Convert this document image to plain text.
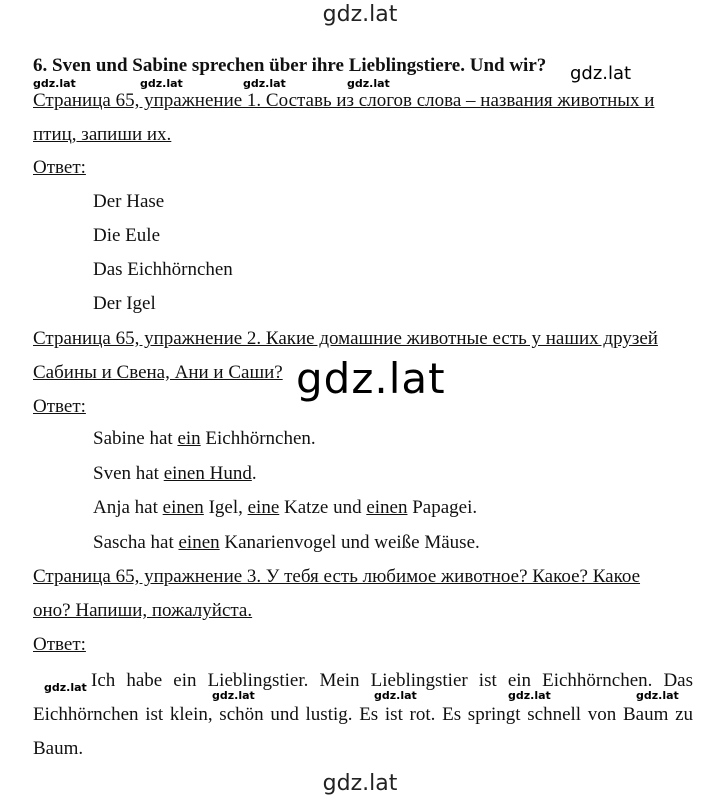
gdz.lat
gdz.lat
gdz.lat
6. Sven und Sabine sprechen über ihre Lieblingstiere. Und wir? gdz.lat
gdz.lat	gdz.lat	gdz.lat	gdz.lat
Страница 65, упражнение 1. Составь из слогов слова – названия животных и
птиц, запиши их.
Ответ:
Der Hase
Die Eule
Das Eichhörnchen
Der Igel
Страница 65, упражнение 2. Какие домашние животные есть у наших друзей
Сабины и Свена, Ани и Саши?
Ответ:
Sabine hat ein Eichhörnchen.
Sven hat einen Hund.
Anja hat einen Igel, eine Katze und einen Papagei.
Sascha hat einen Kanarienvogel und weiße Mäuse.
Страница 65, упражнение 3. У тебя есть любимое животное? Какое? Какое
оно? Напиши, пожалуйста.
Ответ:
Ich habe ein Lieblingstier. Mein Lieblingstier ist ein Eichhörnchen. Das Eichhörnchen ist klein, schön und lustig. Es ist rot. Es springt schnell von Baum zu Baum.
gdz.lat
gdz.lat	gdz.lat	gdz.lat	gdz.lat
